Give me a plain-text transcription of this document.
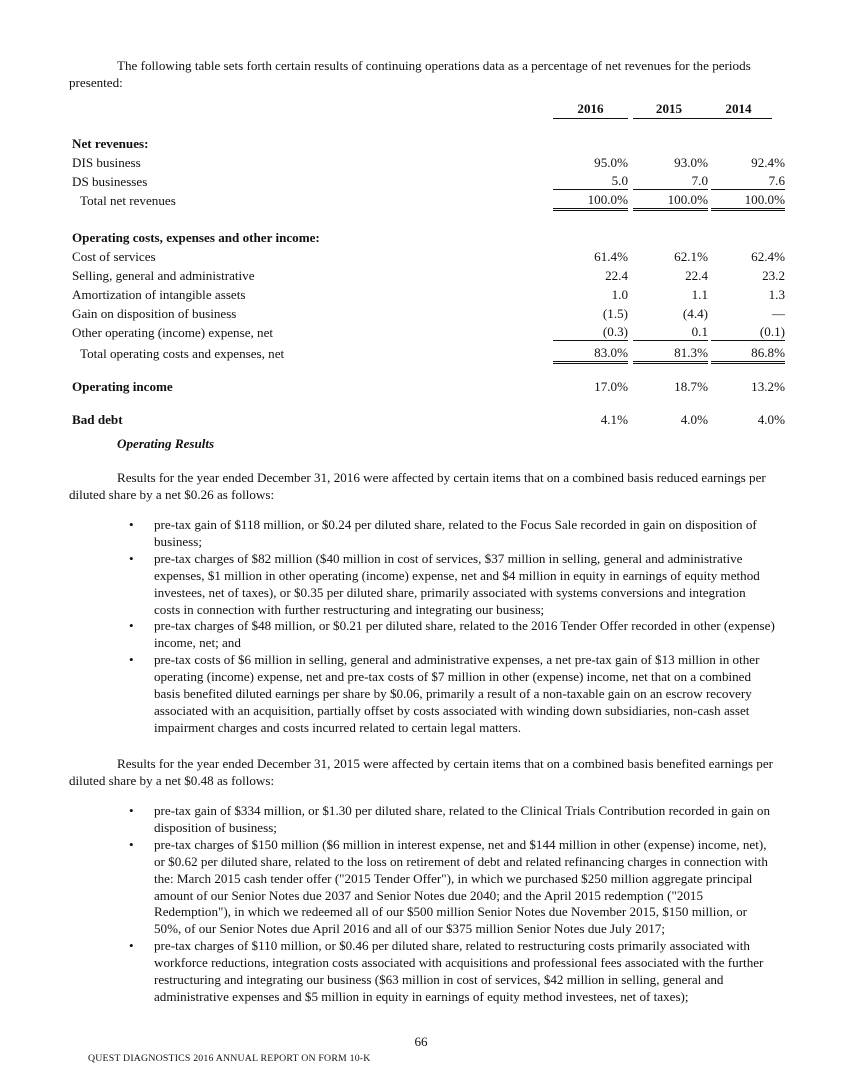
The following table sets forth certain results of continuing operations data as a percentage of net revenues for the periods presented:

2016	2015	2014
Net revenues:
DIS business	95.0%	93.0%	92.4%
DS businesses	5.0	7.0	7.6
Total net revenues	100.0%	100.0%	100.0%
Operating costs, expenses and other income:
Cost of services	61.4%	62.1%	62.4%
Selling, general and administrative	22.4	22.4	23.2
Amortization of intangible assets	1.0	1.1	1.3
Gain on disposition of business	(1.5)	(4.4)	—
Other operating (income) expense, net	(0.3)	0.1	(0.1)
Total operating costs and expenses, net	83.0%	81.3%	86.8%
Operating income	17.0%	18.7%	13.2%
Bad debt	4.1%	4.0%	4.0%

Operating Results

Results for the year ended December 31, 2016 were affected by certain items that on a combined basis reduced earnings per diluted share by a net $0.26 as follows:

• pre-tax gain of $118 million, or $0.24 per diluted share, related to the Focus Sale recorded in gain on disposition of business;
• pre-tax charges of $82 million ($40 million in cost of services, $37 million in selling, general and administrative expenses, $1 million in other operating (income) expense, net and $4 million in equity in earnings of equity method investees, net of taxes), or $0.35 per diluted share, primarily associated with systems conversions and integration costs in connection with further restructuring and integrating our business;
• pre-tax charges of $48 million, or $0.21 per diluted share, related to the 2016 Tender Offer recorded in other (expense) income, net; and
• pre-tax costs of $6 million in selling, general and administrative expenses, a net pre-tax gain of $13 million in other operating (income) expense, net and pre-tax costs of $7 million in other (expense) income, net that on a combined basis benefited diluted earnings per share by $0.06, primarily a result of a non-taxable gain on an escrow recovery associated with an acquisition, partially offset by costs associated with winding down subsidiaries, non-cash asset impairment charges and costs incurred related to certain legal matters.

Results for the year ended December 31, 2015 were affected by certain items that on a combined basis benefited earnings per diluted share by a net $0.48 as follows:

• pre-tax gain of $334 million, or $1.30 per diluted share, related to the Clinical Trials Contribution recorded in gain on disposition of business;
• pre-tax charges of $150 million ($6 million in interest expense, net and $144 million in other (expense) income, net), or $0.62 per diluted share, related to the loss on retirement of debt and related refinancing charges in connection with the: March 2015 cash tender offer ("2015 Tender Offer"), in which we purchased $250 million aggregate principal amount of our Senior Notes due 2037 and Senior Notes due 2040; and the April 2015 redemption ("2015 Redemption"), in which we redeemed all of our $500 million Senior Notes due November 2015, $150 million, or 50%, of our Senior Notes due April 2016 and all of our $375 million Senior Notes due July 2017;
• pre-tax charges of $110 million, or $0.46 per diluted share, related to restructuring costs primarily associated with workforce reductions, integration costs associated with acquisitions and professional fees associated with the further restructuring and integrating our business ($63 million in cost of services, $42 million in selling, general and administrative expenses and $5 million in equity in earnings of equity method investees, net of taxes);
66
QUEST DIAGNOSTICS 2016 ANNUAL REPORT ON FORM 10-K
